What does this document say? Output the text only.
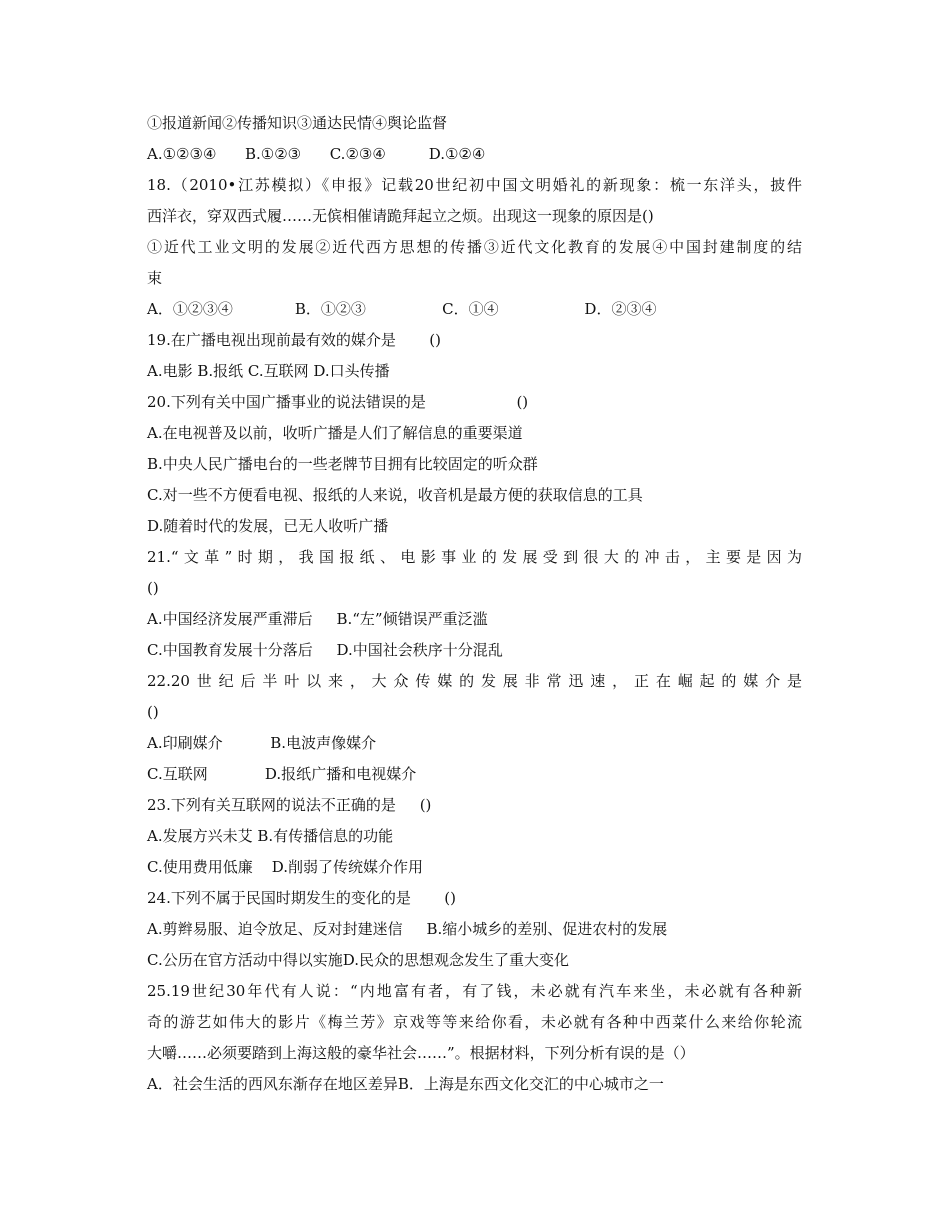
①报道新闻②传播知识③通达民情④舆论监督
A.①②③④      B.①②③      C.②③④         D.①②④
18.（2010•江苏模拟）《申报》记载20世纪初中国文明婚礼的新现象：梳一东洋头，披件
西洋衣，穿双西式履……无傧相催请跪拜起立之烦。出现这一现象的原因是()
①近代工业文明的发展②近代西方思想的传播③近代文化教育的发展④中国封建制度的结
束
A．①②③④             B．①②③                C．①④                  D．②③④
19.在广播电视出现前最有效的媒介是       ()
A.电影 B.报纸 C.互联网 D.口头传播
20.下列有关中国广播事业的说法错误的是                   ()
A.在电视普及以前，收听广播是人们了解信息的重要渠道
B.中央人民广播电台的一些老牌节目拥有比较固定的听众群
C.对一些不方便看电视、报纸的人来说，收音机是最方便的获取信息的工具
D.随着时代的发展，已无人收听广播
21.“文革”时期，我国报纸、电影事业的发展受到很大的冲击，主要是因为
()
A.中国经济发展严重滞后     B.“左”倾错误严重泛滥
C.中国教育发展十分落后     D.中国社会秩序十分混乱
22.20世纪后半叶以来，大众传媒的发展非常迅速，正在崛起的媒介是
()
A.印刷媒介          B.电波声像媒介
C.互联网            D.报纸广播和电视媒介
23.下列有关互联网的说法不正确的是     ()
A.发展方兴未艾 B.有传播信息的功能
C.使用费用低廉    D.削弱了传统媒介作用
24.下列不属于民国时期发生的变化的是       ()
A.剪辫易服、迫令放足、反对封建迷信     B.缩小城乡的差别、促进农村的发展
C.公历在官方活动中得以实施D.民众的思想观念发生了重大变化
25.19世纪30年代有人说：“内地富有者，有了钱，未必就有汽车来坐，未必就有各种新
奇的游艺如伟大的影片《梅兰芳》京戏等等来给你看，未必就有各种中西菜什么来给你轮流
大嚼……必须要踏到上海这般的豪华社会……”。根据材料，下列分析有误的是（）
A．社会生活的西风东渐存在地区差异B．上海是东西文化交汇的中心城市之一
